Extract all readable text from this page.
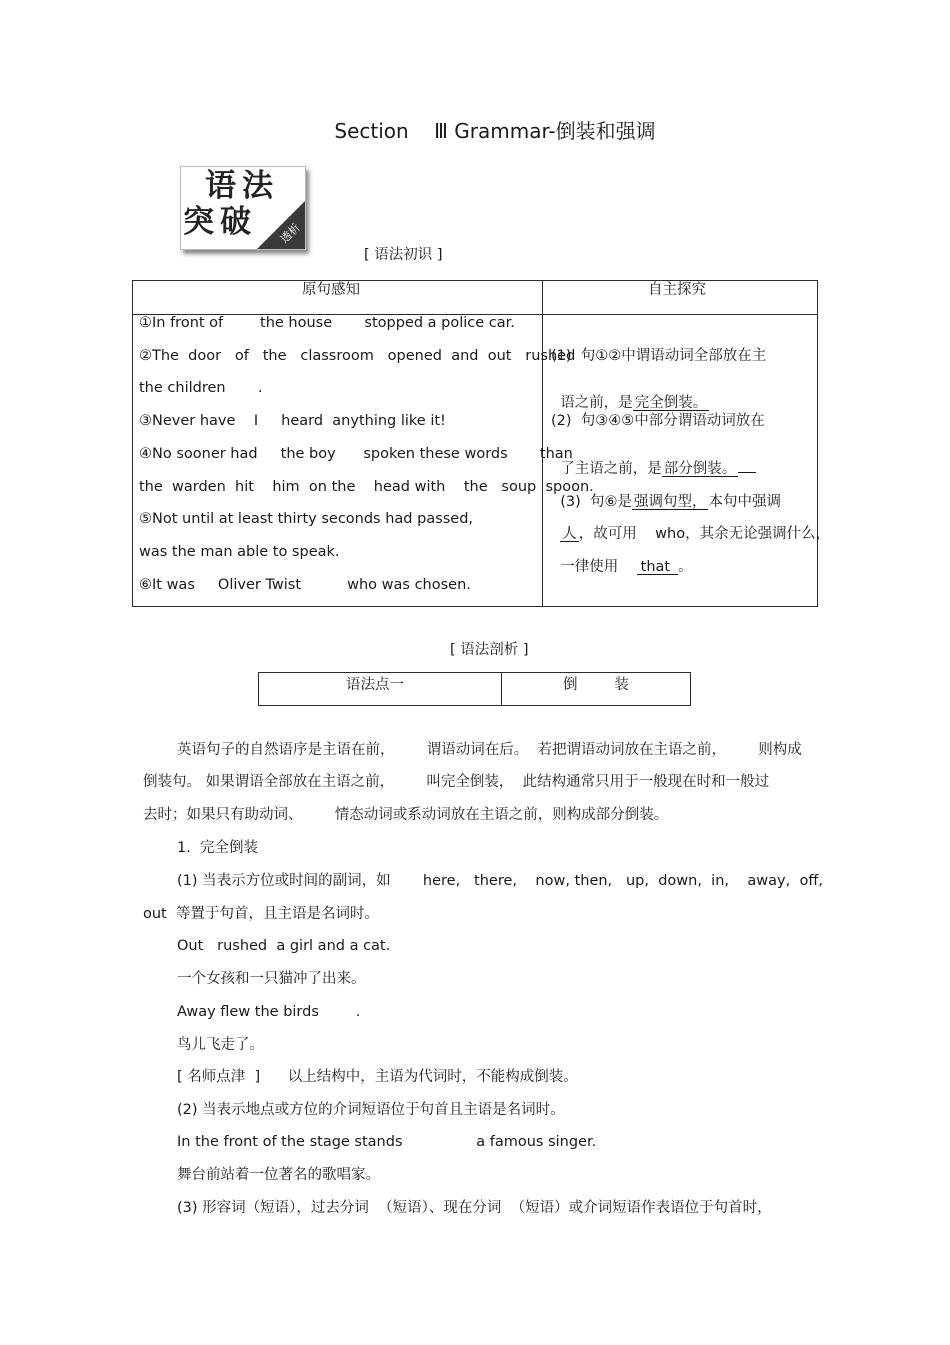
Section    Ⅲ Grammar-倒装和强调
语法
突破 透析
[ 语法初识 ]
原句感知	自主探究
①In front of        the house       stopped a police car.
②The  door   of   the   classroom   opened  and  out   rushed
the children       .
③Never have    I     heard  anything like it!
④No sooner had     the boy      spoken these words       than
the  warden  hit    him  on the    head with    the   soup  spoon.
⑤Not until at least thirty seconds had passed,
was the man able to speak.
⑥It was     Oliver Twist          who was chosen.
(1)  句①②中谓语动词全部放在主

语之前，是 完全倒装。

(2)  句③④⑤中部分谓语动词放在

了主语之前，是 部分倒装。

(3)  句⑥是 强调句型， 本句中强调

人 ，故可用    who，其余无论强调什么，

一律使用 that 。

[ 语法剖析 ]
语法点一	倒        装
英语句子的自然语序是主语在前，       谓语动词在后。  若把谓语动词放在主语之前，       则构成
倒装句。 如果谓语全部放在主语之前，       叫完全倒装，  此结构通常只用于一般现在时和一般过
去时；如果只有助动词、       情态动词或系动词放在主语之前，则构成部分倒装。
1.  完全倒装
(1) 当表示方位或时间的副词，如       here,   there,    now, then,   up,  down,  in,    away,  off,
out  等置于句首，且主语是名词时。
Out   rushed  a girl and a cat.
一个女孩和一只猫冲了出来。
Away flew the birds        .
鸟儿飞走了。
[ 名师点津  ]      以上结构中，主语为代词时，不能构成倒装。
(2) 当表示地点或方位的介词短语位于句首且主语是名词时。
In the front of the stage stands                a famous singer.
舞台前站着一位著名的歌唱家。
(3) 形容词（短语），过去分词  （短语）、现在分词  （短语）或介词短语作表语位于句首时，
